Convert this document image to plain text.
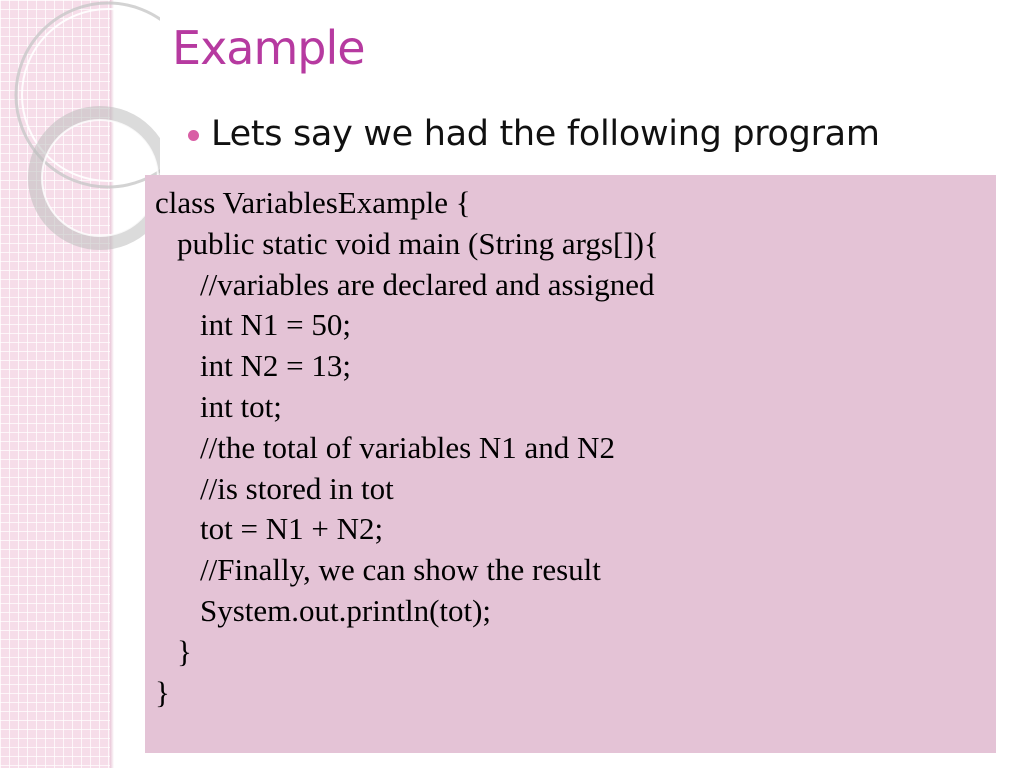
Example
Lets say we had the following program
class VariablesExample {
public static void main (String args[]){
//variables are declared and assigned
int N1 = 50;
int N2 = 13;
int tot;
//the total of variables N1 and N2
//is stored in tot
tot = N1 + N2;
//Finally, we can show the result
System.out.println(tot);
}
}
